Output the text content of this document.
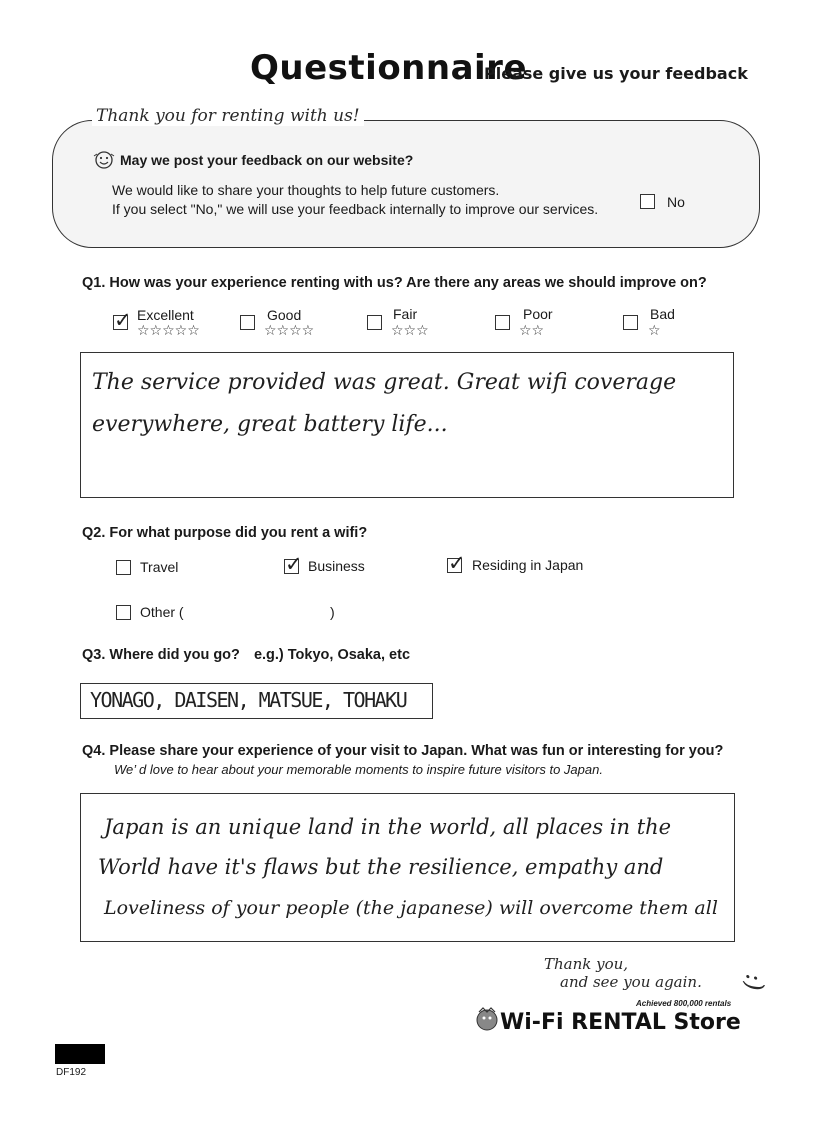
Questionnaire
Please give us your feedback
Thank you for renting with us!
May we post your feedback on our website?
We would like to share your thoughts to help future customers.
If you select "No," we will use your feedback internally to improve our services.	No
Q1. How was your experience renting with us? Are there any areas we should improve on?
✓
Excellent
☆☆☆☆☆
Good
☆☆☆☆
Fair
☆☆☆
Poor
☆☆
Bad
☆
The service provided was great. Great wifi coverage
everywhere, great battery life...
Q2. For what purpose did you rent a wifi?
Travel ✓	Business ✓	Residing in Japan
Other (	)
Q3. Where did you go? e.g.) Tokyo, Osaka, etc
YONAGO, DAISEN, MATSUE, TOHAKU
Q4. Please share your experience of your visit to Japan. What was fun or interesting for you?
We’ d love to hear about your memorable moments to inspire future visitors to Japan.
Japan is an unique land in the world, all places in the
World have it's flaws but the resilience, empathy and
Loveliness of your people (the japanese) will overcome them all
Thank you,
and see you again. :)
Achieved 800,000 rentals
Wi-Fi RENTAL Store
DF192
